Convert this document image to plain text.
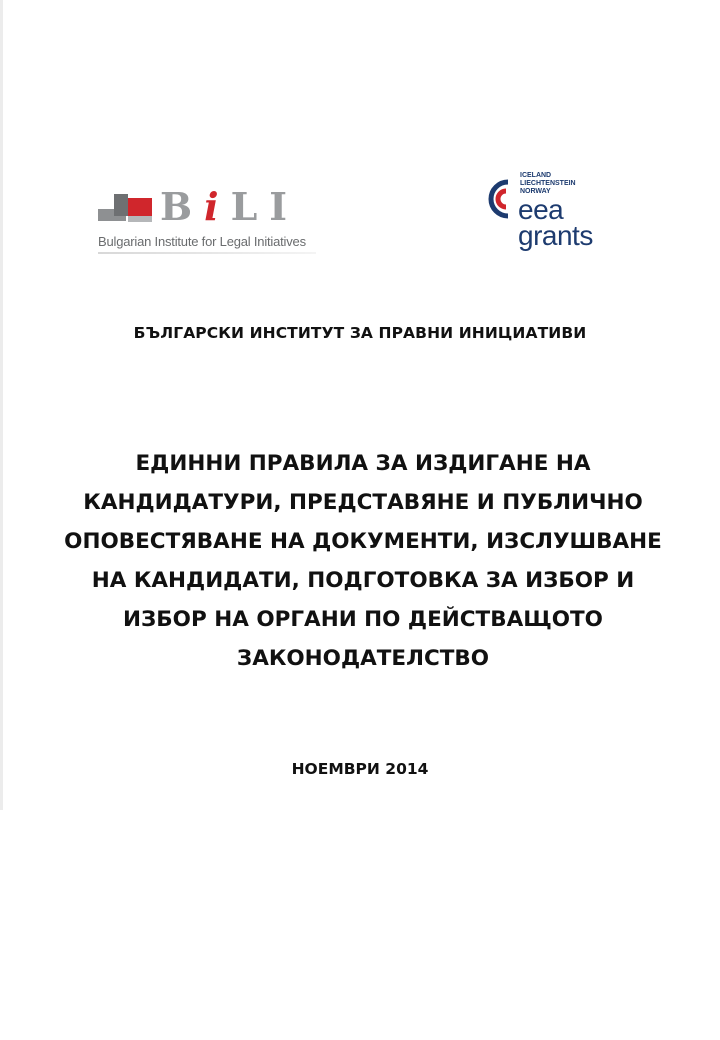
BiLI
Bulgarian Institute for Legal Initiatives
ICELAND
LIECHTENSTEIN
NORWAY
eea
grants
БЪЛГАРСКИ ИНСТИТУТ ЗА ПРАВНИ ИНИЦИАТИВИ
ЕДИННИ ПРАВИЛА ЗА ИЗДИГАНЕ НА
КАНДИДАТУРИ, ПРЕДСТАВЯНЕ И ПУБЛИЧНО
ОПОВЕСТЯВАНЕ НА ДОКУМЕНТИ, ИЗСЛУШВАНЕ
НА КАНДИДАТИ, ПОДГОТОВКА ЗА ИЗБОР И
ИЗБОР НА ОРГАНИ ПО ДЕЙСТВАЩОТО
ЗАКОНОДАТЕЛСТВО
НОЕМВРИ 2014
